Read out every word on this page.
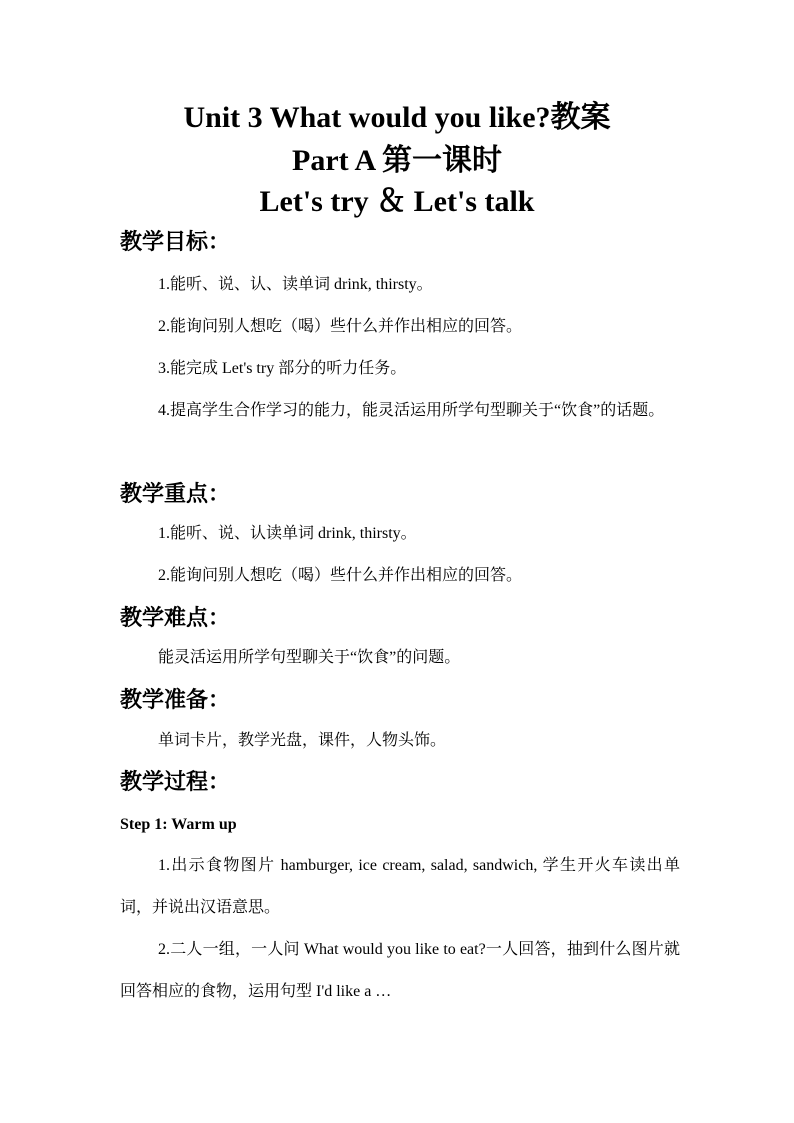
Unit 3 What would you like?教案
Part A 第一课时
Let's try ＆ Let's talk
教学目标：

1.能听、说、认、读单词 drink, thirsty。

2.能询问别人想吃（喝）些什么并作出相应的回答。

3.能完成 Let's try 部分的听力任务。

4.提高学生合作学习的能力，能灵活运用所学句型聊关于“饮食”的话题。

教学重点：

1.能听、说、认读单词 drink, thirsty。

2.能询问别人想吃（喝）些什么并作出相应的回答。

教学难点：

能灵活运用所学句型聊关于“饮食”的问题。

教学准备：

单词卡片，教学光盘，课件，人物头饰。

教学过程：
Step 1: Warm up

1.出示食物图片 hamburger, ice cream, salad, sandwich, 学生开火车读出单词，并说出汉语意思。

2.二人一组，一人问 What would you like to eat?一人回答，抽到什么图片就回答相应的食物，运用句型 I'd like a …
